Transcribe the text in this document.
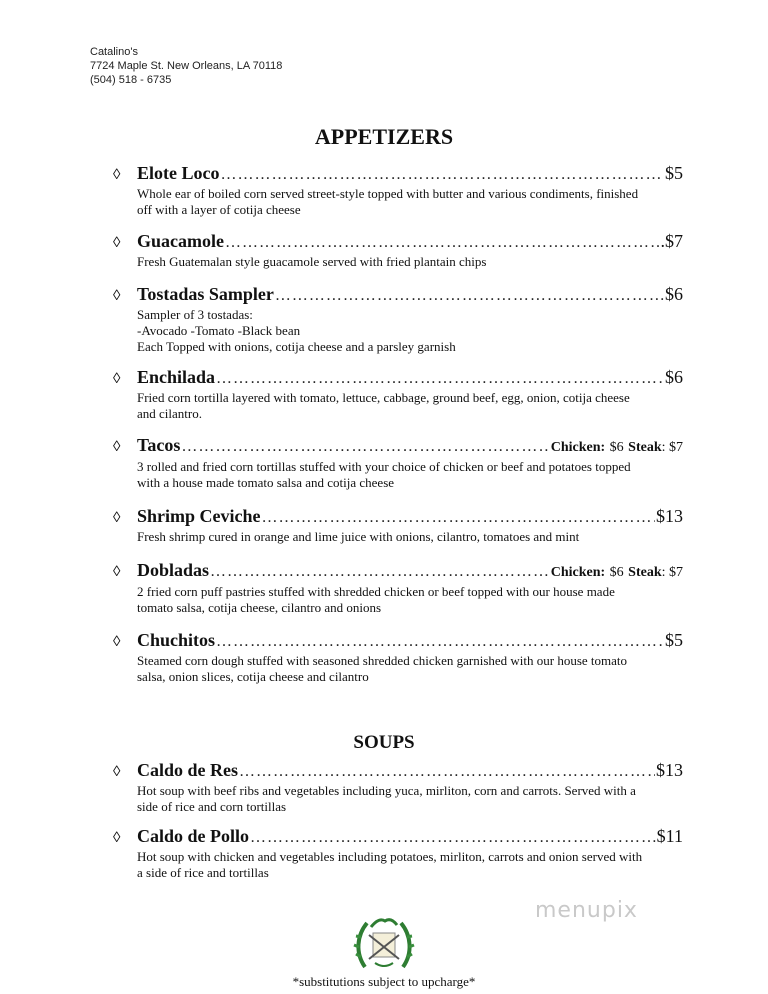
Catalino's
7724 Maple St. New Orleans, LA 70118
(504) 518 - 6735
APPETIZERS
◊ Elote Loco ……………………………………………………………………………………………………………	$5
Whole ear of boiled corn served street-style topped with butter and various condiments, finished
off with a layer of cotija cheese
◊ Guacamole ……………………………………………………………………………………………………………	.$7
Fresh Guatemalan style guacamole served with fried plantain chips
◊ Tostadas Sampler ……………………………………………………………………………………………………………	$6
Sampler of 3 tostadas:
-Avocado -Tomato -Black bean
Each Topped with onions, cotija cheese and a parsley garnish
◊ Enchilada ……………………………………………………………………………………………………………	$6
Fried corn tortilla layered with tomato, lettuce, cabbage, ground beef, egg, onion, cotija cheese
and cilantro.
◊ Tacos ……………………………………………………………………………………………………………	Chicken: $6 Steak: $7
3 rolled and fried corn tortillas stuffed with your choice of chicken or beef and potatoes topped
with a house made tomato salsa and cotija cheese
◊ Shrimp Ceviche ……………………………………………………………………………………………………………	$13
Fresh shrimp cured in orange and lime juice with onions, cilantro, tomatoes and mint
◊ Dobladas ……………………………………………………………………………………………………………	Chicken: $6 Steak: $7
2 fried corn puff pastries stuffed with shredded chicken or beef topped with our house made
tomato salsa, cotija cheese, cilantro and onions
◊ Chuchitos ……………………………………………………………………………………………………………	$5
Steamed corn dough stuffed with seasoned shredded chicken garnished with our house tomato
salsa, onion slices, cotija cheese and cilantro
SOUPS
◊ Caldo de Res ……………………………………………………………………………………………………………	$13
Hot soup with beef ribs and vegetables including yuca, mirliton, corn and carrots. Served with a
side of rice and corn tortillas
◊ Caldo de Pollo ……………………………………………………………………………………………………………	$11
Hot soup with chicken and vegetables including potatoes, mirliton, carrots and onion served with
a side of rice and tortillas
menupix
*substitutions subject to upcharge*
